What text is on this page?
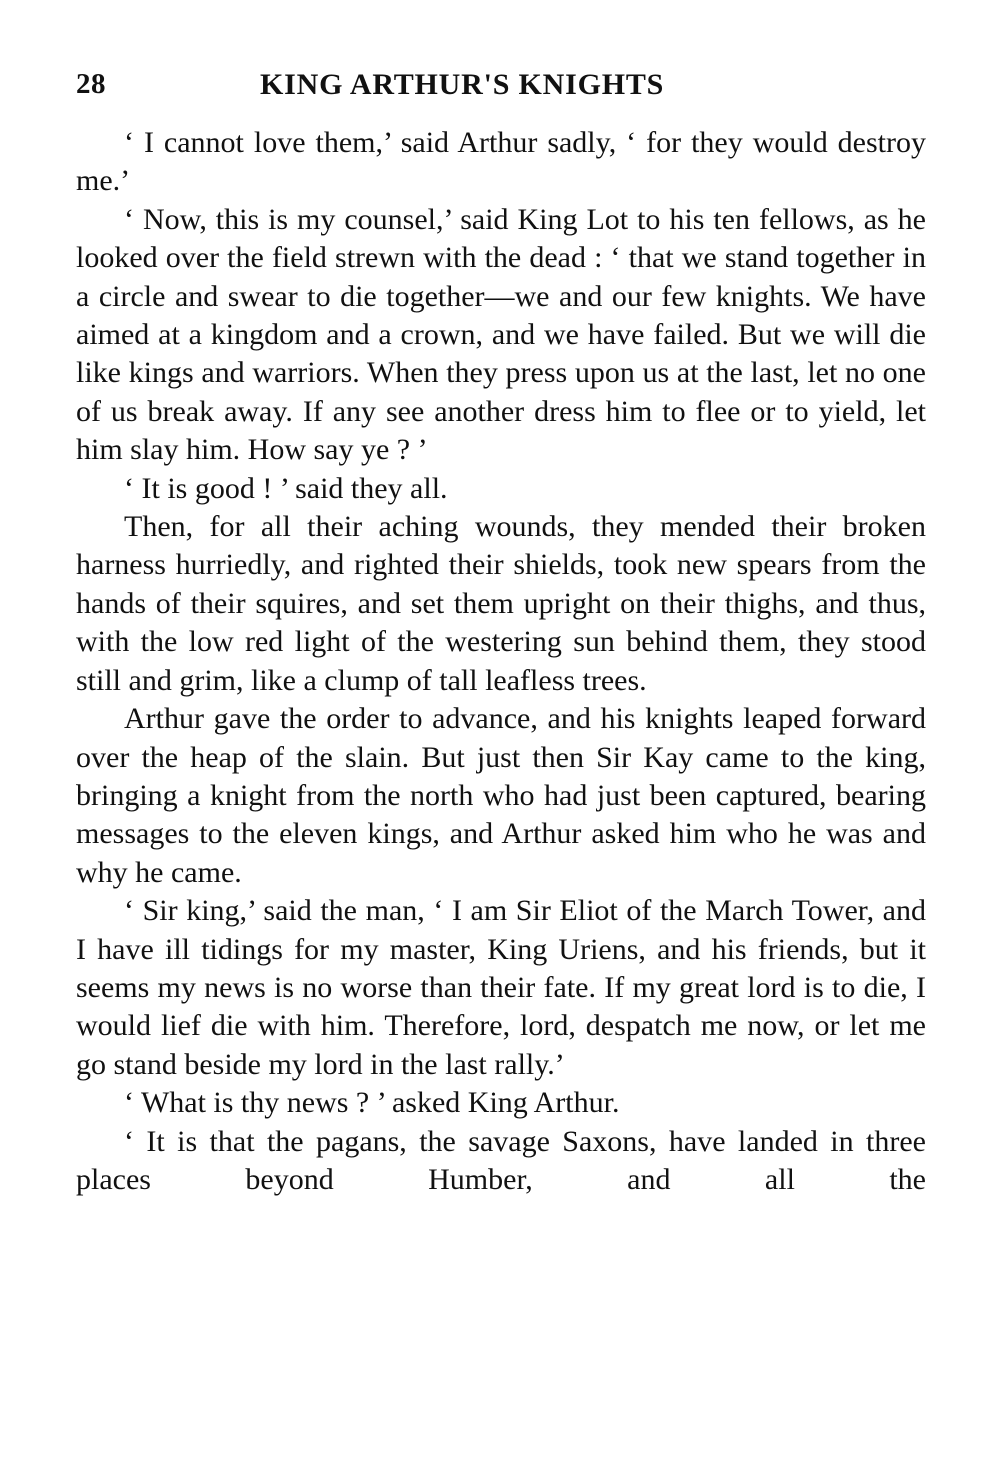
28	KING ARTHUR'S KNIGHTS

‘ I cannot love them,’ said Arthur sadly, ‘ for they would destroy me.’

‘ Now, this is my counsel,’ said King Lot to his ten fellows, as he looked over the field strewn with the dead : ‘ that we stand together in a circle and swear to die together—we and our few knights. We have aimed at a kingdom and a crown, and we have failed. But we will die like kings and warriors. When they press upon us at the last, let no one of us break away. If any see another dress him to flee or to yield, let him slay him. How say ye ? ’

‘ It is good ! ’ said they all.

Then, for all their aching wounds, they mended their broken harness hurriedly, and righted their shields, took new spears from the hands of their squires, and set them upright on their thighs, and thus, with the low red light of the westering sun behind them, they stood still and grim, like a clump of tall leafless trees.

Arthur gave the order to advance, and his knights leaped forward over the heap of the slain. But just then Sir Kay came to the king, bringing a knight from the north who had just been captured, bearing messages to the eleven kings, and Arthur asked him who he was and why he came.

‘ Sir king,’ said the man, ‘ I am Sir Eliot of the March Tower, and I have ill tidings for my master, King Uriens, and his friends, but it seems my news is no worse than their fate. If my great lord is to die, I would lief die with him. Therefore, lord, despatch me now, or let me go stand beside my lord in the last rally.’

‘ What is thy news ? ’ asked King Arthur.

‘ It is that the pagans, the savage Saxons, have landed in three places beyond Humber, and all the
